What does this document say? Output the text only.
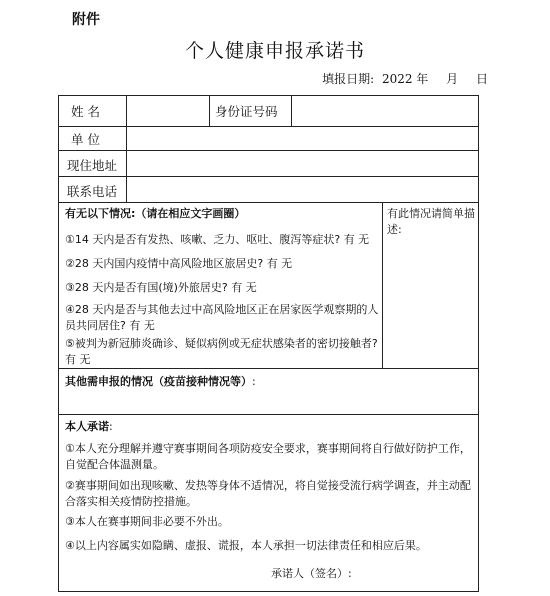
附件
个人健康申报承诺书
填报日期: 2022 年 月 日
姓 名	身份证号码
单 位
现住地址
联系电话
有无以下情况:（请在相应文字画圈）	有此情况请简单描述:
①14 天内是否有发热、咳嗽、乏力、呕吐、腹泻等症状? 有 无
②28 天内国内疫情中高风险地区旅居史? 有 无
③28 天内是否有国(境)外旅居史? 有 无
④28 天内是否与其他去过中高风险地区正在居家医学观察期的人员共同居住? 有 无
⑤被判为新冠肺炎确诊、疑似病例或无症状感染者的密切接触者? 有 无
其他需申报的情况（疫苗接种情况等）:
本人承诺:
①本人充分理解并遵守赛事期间各项防疫安全要求，赛事期间将自行做好防护工作，自觉配合体温测量。
②赛事期间如出现咳嗽、发热等身体不适情况，将自觉接受流行病学调查，并主动配合落实相关疫情防控措施。
③本人在赛事期间非必要不外出。
④以上内容属实如隐瞒、虚报、谎报，本人承担一切法律责任和相应后果。
承诺人（签名）:
